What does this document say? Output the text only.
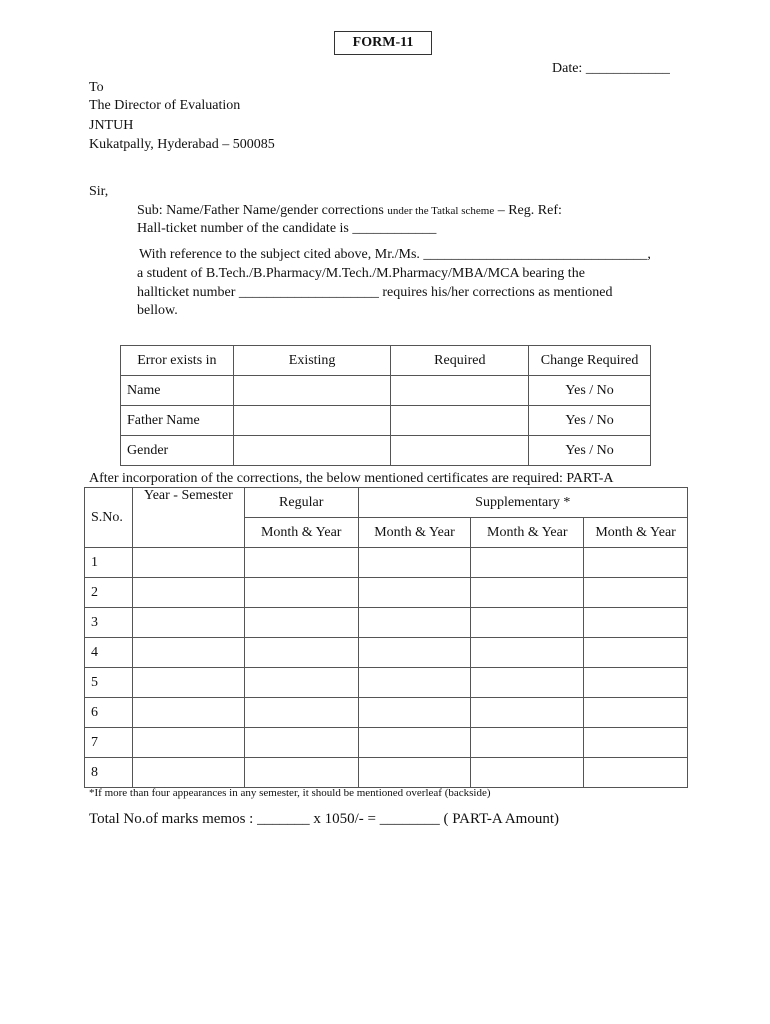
FORM-11
Date: ____________
To
The Director of Evaluation
JNTUH
Kukatpally, Hyderabad – 500085
Sir,
Sub: Name/Father Name/gender corrections under the Tatkal scheme – Reg. Ref:
Hall-ticket number of the candidate is ____________
With reference to the subject cited above, Mr./Ms. ________________________________,
a student of B.Tech./B.Pharmacy/M.Tech./M.Pharmacy/MBA/MCA bearing the
hallticket number ____________________ requires his/her corrections as mentioned
bellow.
Error exists in	Existing	Required	Change Required
Name			Yes / No
Father Name			Yes / No
Gender			Yes / No
After incorporation of the corrections, the below mentioned certificates are required: PART-A
S.No.	Year - Semester	Regular	Supplementary *		
		Month & Year	Month & Year	Month & Year	Month & Year
1					
2					
3					
4					
5					
6					
7					
8					
*If more than four appearances in any semester, it should be mentioned overleaf (backside)
Total No.of marks memos : _______ x 1050/- = ________ ( PART-A Amount)
